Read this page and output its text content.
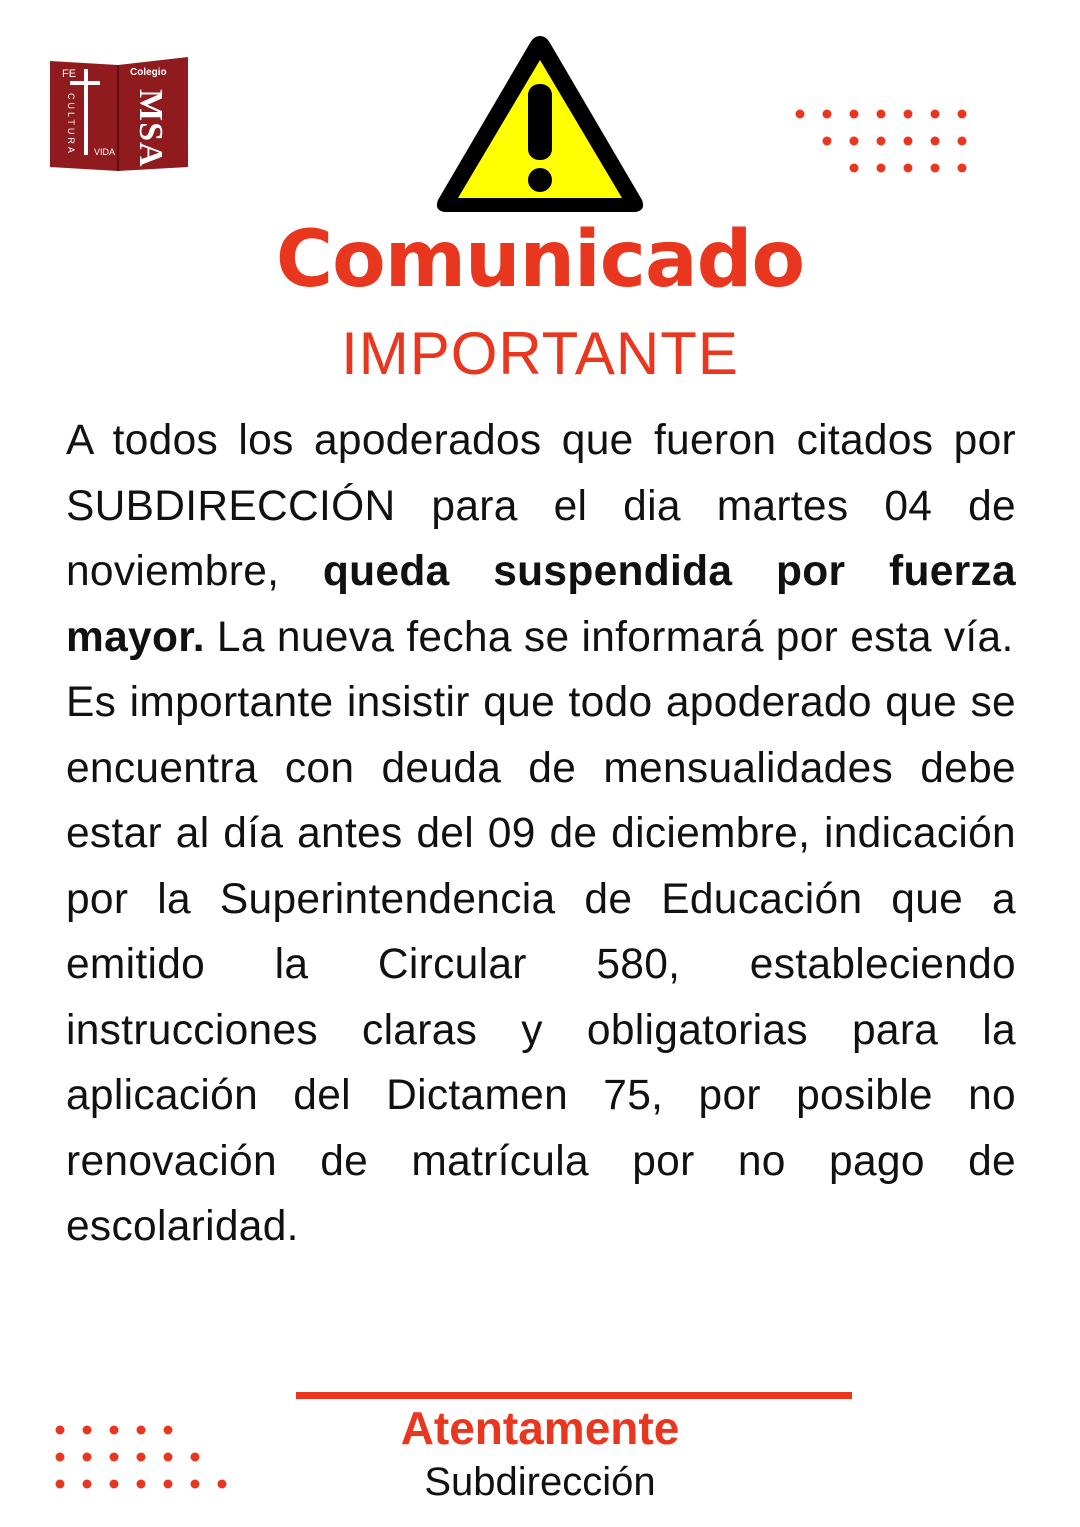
FE	Colegio
CULTURA VIDA MSA
Comunicado
IMPORTANTE

A todos los apoderados que fueron citados por SUBDIRECCIÓN para el dia martes 04 de noviembre, queda suspendida por fuerza mayor. La nueva fecha se informará por esta vía.

Es importante insistir que todo apoderado que se encuentra con deuda de mensualidades debe estar al día antes del 09 de diciembre, indicación por la Superintendencia de Educación que a emitido la Circular 580, estableciendo instrucciones claras y obligatorias para la aplicación del Dictamen 75, por posible no renovación de matrícula por no pago de escolaridad.

Atentamente
Subdirección
